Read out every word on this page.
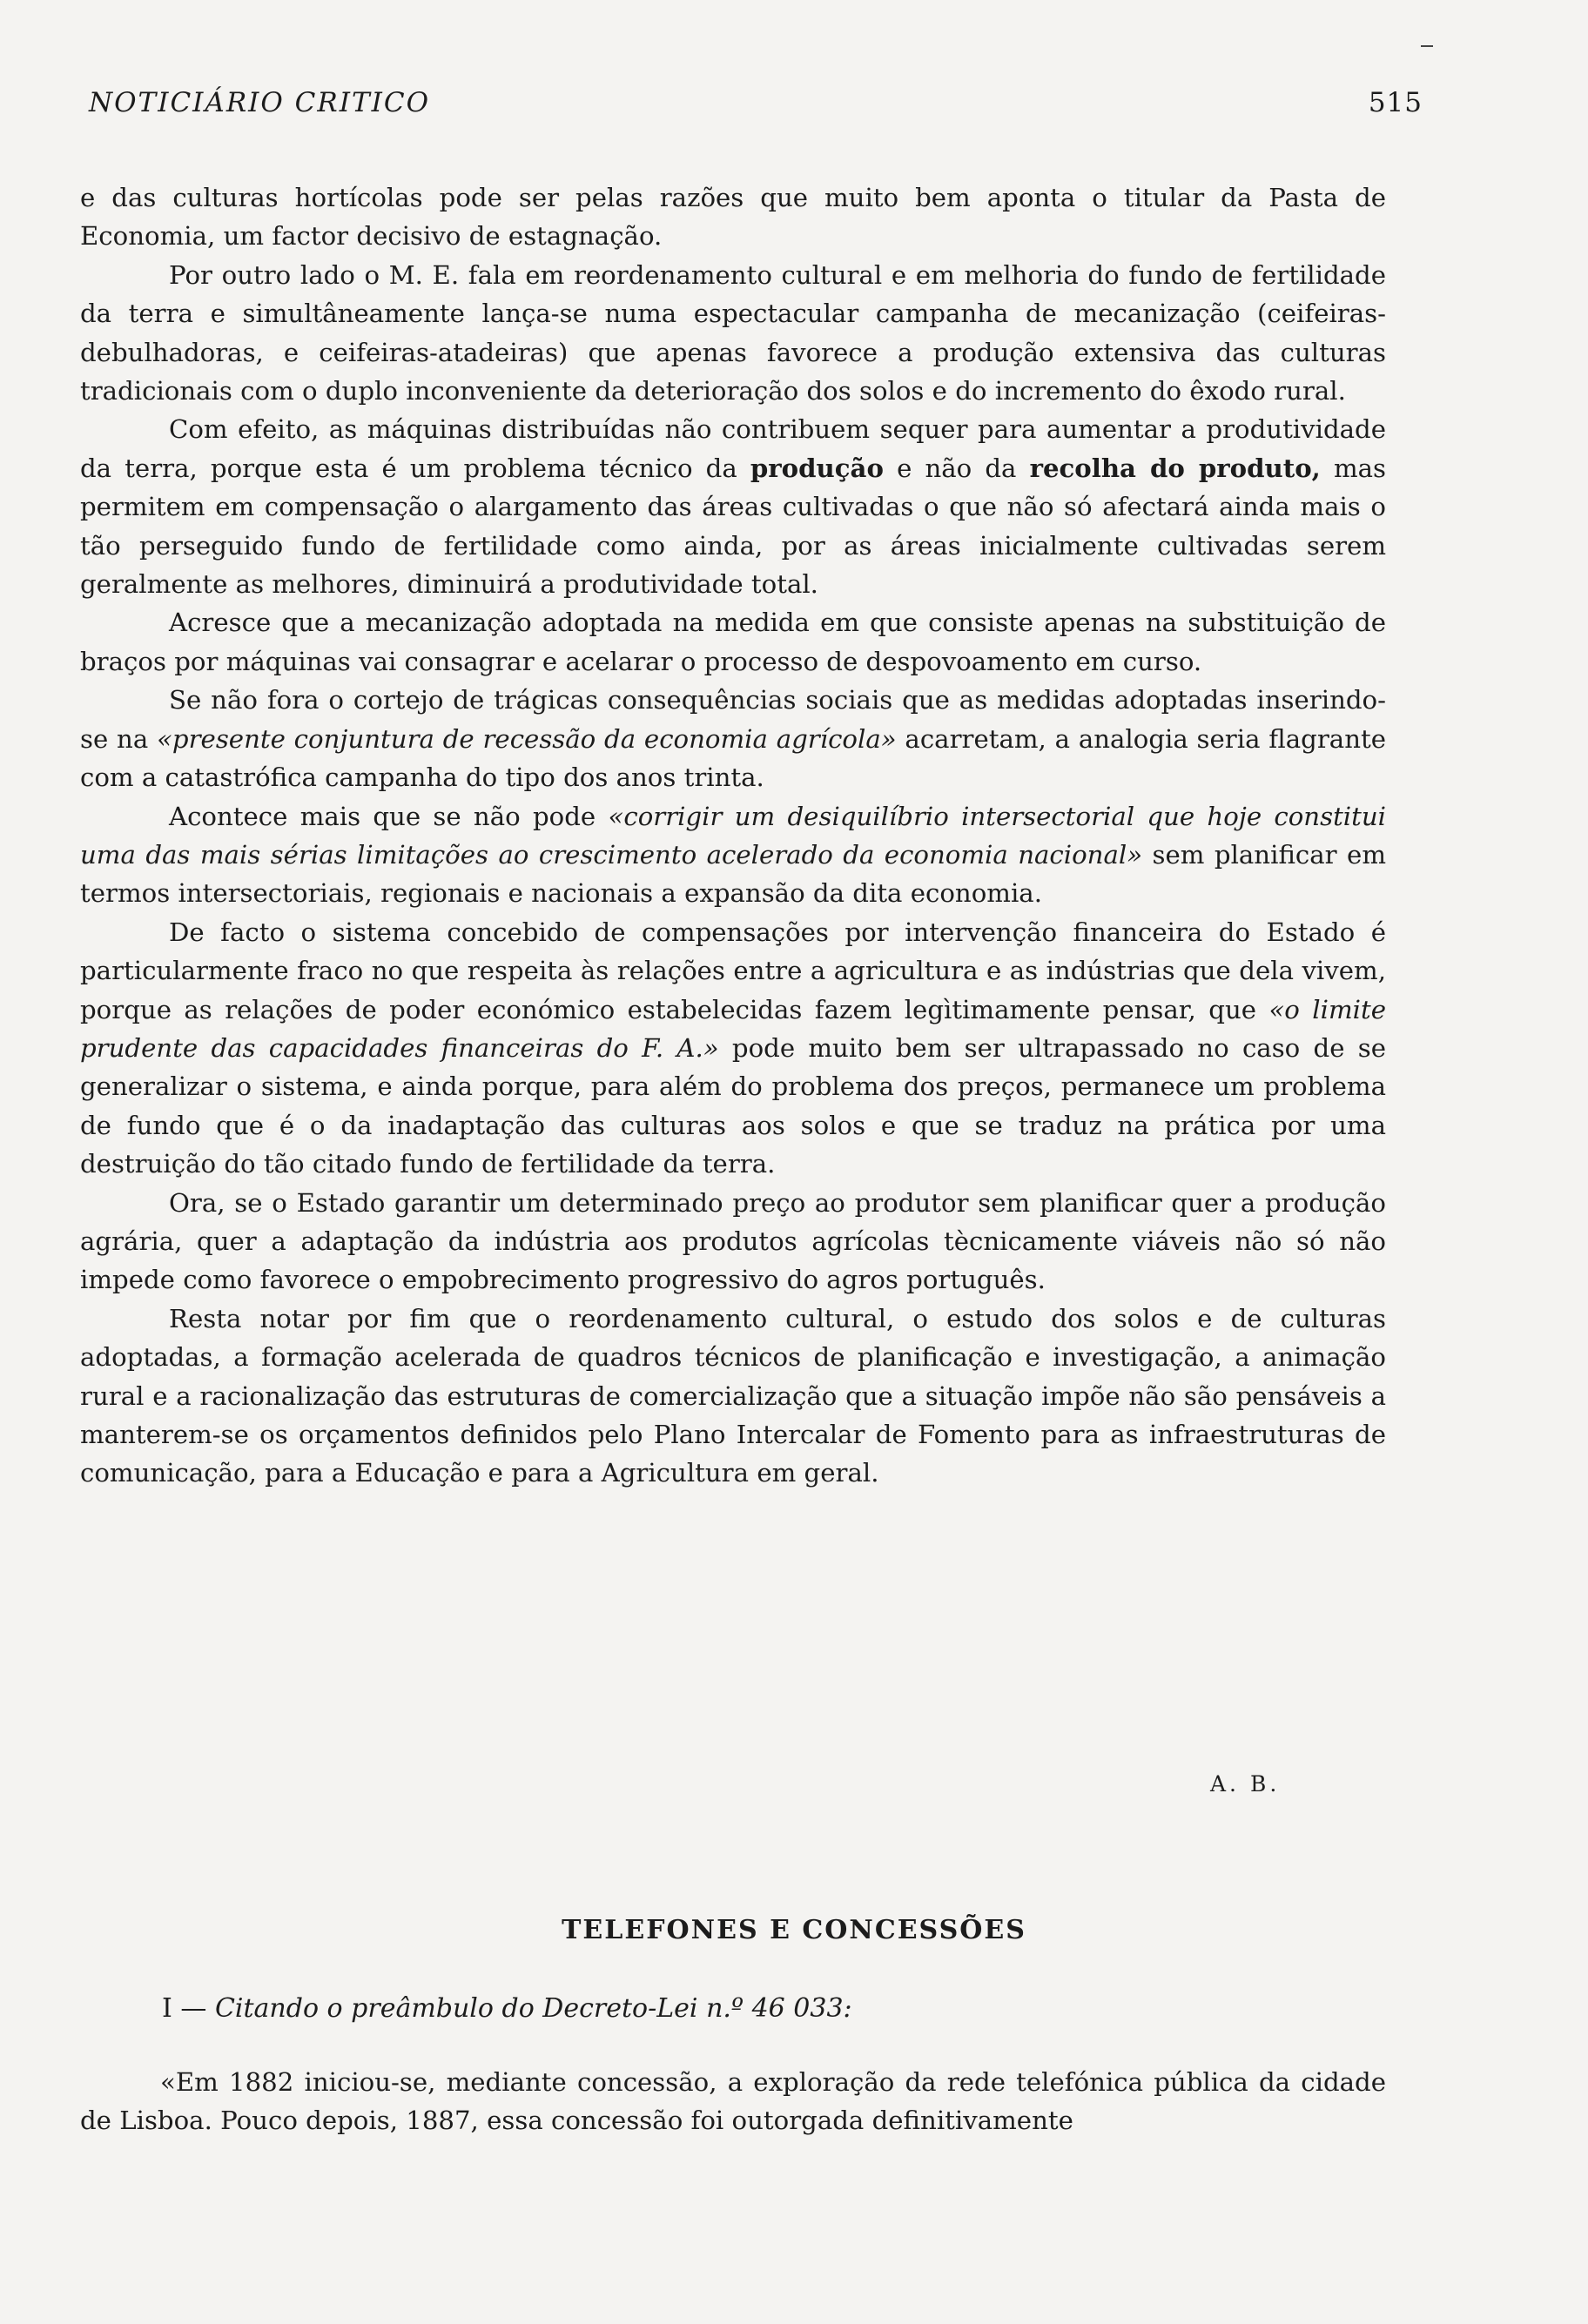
NOTICIÁRIO CRITICO	515

e das culturas hortícolas pode ser pelas razões que muito bem aponta o titular da Pasta de Economia, um factor decisivo de estagnação.

Por outro lado o M. E. fala em reordenamento cultural e em melhoria do fundo de fertilidade da terra e simultâneamente lança-se numa espectacular campanha de mecanização (ceifeiras-debulhadoras, e ceifeiras-atadeiras) que apenas favorece a produção extensiva das culturas tradicionais com o duplo inconveniente da deterioração dos solos e do incremento do êxodo rural.

Com efeito, as máquinas distribuídas não contribuem sequer para aumentar a produtividade da terra, porque esta é um problema técnico da produção e não da recolha do produto, mas permitem em compensação o alargamento das áreas cultivadas o que não só afectará ainda mais o tão perseguido fundo de fertilidade como ainda, por as áreas inicialmente cultivadas serem geralmente as melhores, diminuirá a produtividade total.

Acresce que a mecanização adoptada na medida em que consiste apenas na substituição de braços por máquinas vai consagrar e acelarar o processo de despovoamento em curso.

Se não fora o cortejo de trágicas consequências sociais que as medidas adoptadas inserindo-se na «presente conjuntura de recessão da economia agrícola» acarretam, a analogia seria flagrante com a catastrófica campanha do tipo dos anos trinta.

Acontece mais que se não pode «corrigir um desiquilíbrio intersectorial que hoje constitui uma das mais sérias limitações ao crescimento acelerado da economia nacional» sem planificar em termos intersectoriais, regionais e nacionais a expansão da dita economia.

De facto o sistema concebido de compensações por intervenção financeira do Estado é particularmente fraco no que respeita às relações entre a agricultura e as indústrias que dela vivem, porque as relações de poder económico estabelecidas fazem legìtimamente pensar, que «o limite prudente das capacidades financeiras do F. A.» pode muito bem ser ultrapassado no caso de se generalizar o sistema, e ainda porque, para além do problema dos preços, permanece um problema de fundo que é o da inadaptação das culturas aos solos e que se traduz na prática por uma destruição do tão citado fundo de fertilidade da terra.

Ora, se o Estado garantir um determinado preço ao produtor sem planificar quer a produção agrária, quer a adaptação da indústria aos produtos agrícolas tècnicamente viáveis não só não impede como favorece o empobrecimento progressivo do agros português.

Resta notar por fim que o reordenamento cultural, o estudo dos solos e de culturas adoptadas, a formação acelerada de quadros técnicos de planificação e investigação, a animação rural e a racionalização das estruturas de comercialização que a situação impõe não são pensáveis a manterem-se os orçamentos definidos pelo Plano Intercalar de Fomento para as infraestruturas de comunicação, para a Educação e para a Agricultura em geral.

A. B.
TELEFONES E CONCESSÕES
I — Citando o preâmbulo do Decreto-Lei n.º 46 033:

«Em 1882 iniciou-se, mediante concessão, a exploração da rede telefónica pública da cidade de Lisboa. Pouco depois, 1887, essa concessão foi outorgada definitivamente
